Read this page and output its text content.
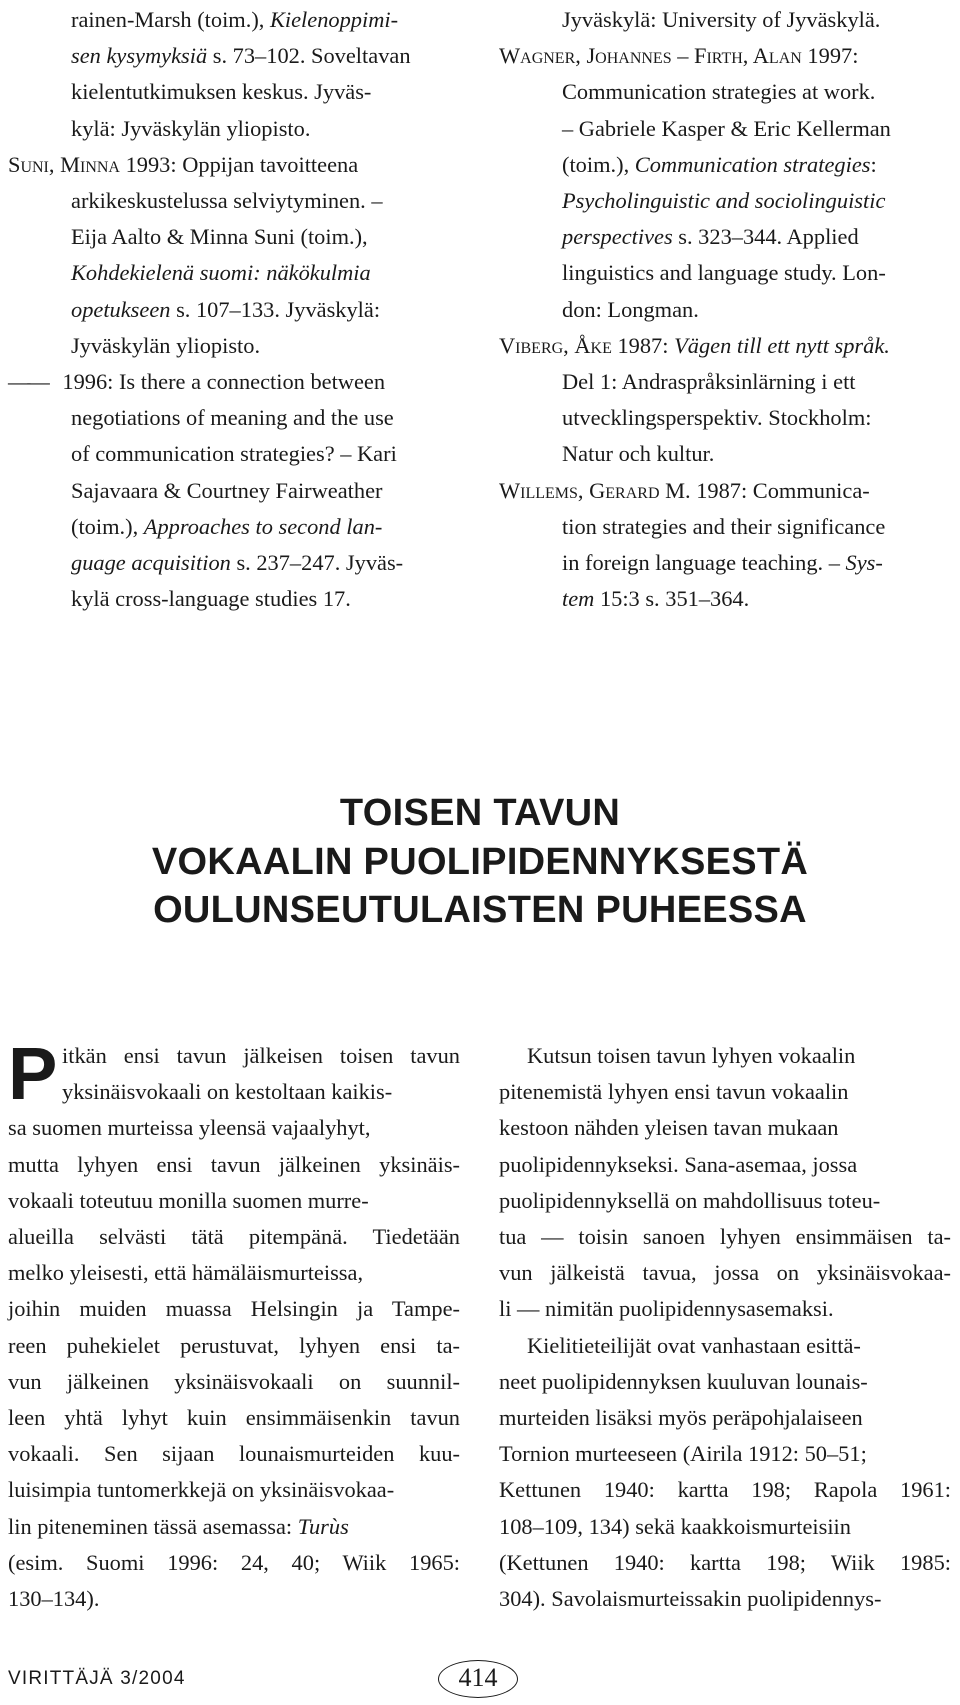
rainen-Marsh (toim.), Kielenoppimi-
sen kysymyksiä s. 73–102. Soveltavan
kielentutkimuksen keskus. Jyväs-
kylä: Jyväskylän yliopisto.
Suni, Minna 1993: Oppijan tavoitteena
arkikeskustelussa selviytyminen. –
Eija Aalto & Minna Suni (toim.),
Kohdekielenä suomi: näkökulmia
opetukseen s. 107–133. Jyväskylä:
Jyväskylän yliopisto.
—— 1996: Is there a connection between
negotiations of meaning and the use
of communication strategies? – Kari
Sajavaara & Courtney Fairweather
(toim.), Approaches to second lan-
guage acquisition s. 237–247. Jyväs-
kylä cross-language studies 17.
Jyväskylä: University of Jyväskylä.
Wagner, Johannes – Firth, Alan 1997:
Communication strategies at work.
– Gabriele Kasper & Eric Kellerman
(toim.), Communication strategies:
Psycholinguistic and sociolinguistic
perspectives s. 323–344. Applied
linguistics and language study. Lon-
don: Longman.
Viberg, Åke 1987: Vägen till ett nytt språk.
Del 1: Andraspråksinlärning i ett
utvecklingsperspektiv. Stockholm:
Natur och kultur.
Willems, Gerard M. 1987: Communica-
tion strategies and their significance
in foreign language teaching. – Sys-
tem 15:3 s. 351–364.
TOISEN TAVUN
VOKAALIN PUOLIPIDENNYKSESTÄ
OULUNSEUTULAISTEN PUHEESSA
P itkän ensi tavun jälkeisen toisen tavun
yksinäisvokaali on kestoltaan kaikis-
sa suomen murteissa yleensä vajaalyhyt,
mutta lyhyen ensi tavun jälkeinen yksinäis-
vokaali toteutuu monilla suomen murre-
alueilla selvästi tätä pitempänä. Tiedetään
melko yleisesti, että hämäläismurteissa,
joihin muiden muassa Helsingin ja Tampe-
reen puhekielet perustuvat, lyhyen ensi ta-
vun jälkeinen yksinäisvokaali on suunnil-
leen yhtä lyhyt kuin ensimmäisenkin tavun
vokaali. Sen sijaan lounaismurteiden kuu-
luisimpia tuntomerkkejä on yksinäisvokaa-
lin piteneminen tässä asemassa: Turùs
(esim. Suomi 1996: 24, 40; Wiik 1965:
130–134).
Kutsun toisen tavun lyhyen vokaalin
pitenemistä lyhyen ensi tavun vokaalin
kestoon nähden yleisen tavan mukaan
puolipidennykseksi. Sana-asemaa, jossa
puolipidennyksellä on mahdollisuus toteu-
tua — toisin sanoen lyhyen ensimmäisen ta-
vun jälkeistä tavua, jossa on yksinäisvokaa-
li — nimitän puolipidennysasemaksi.
Kielitieteilijät ovat vanhastaan esittä-
neet puolipidennyksen kuuluvan lounais-
murteiden lisäksi myös peräpohjalaiseen
Tornion murteeseen (Airila 1912: 50–51;
Kettunen 1940: kartta 198; Rapola 1961:
108–109, 134) sekä kaakkoismurteisiin
(Kettunen 1940: kartta 198; Wiik 1985:
304). Savolaismurteissakin puolipidennys-
VIRITTÄJÄ 3/2004	414
